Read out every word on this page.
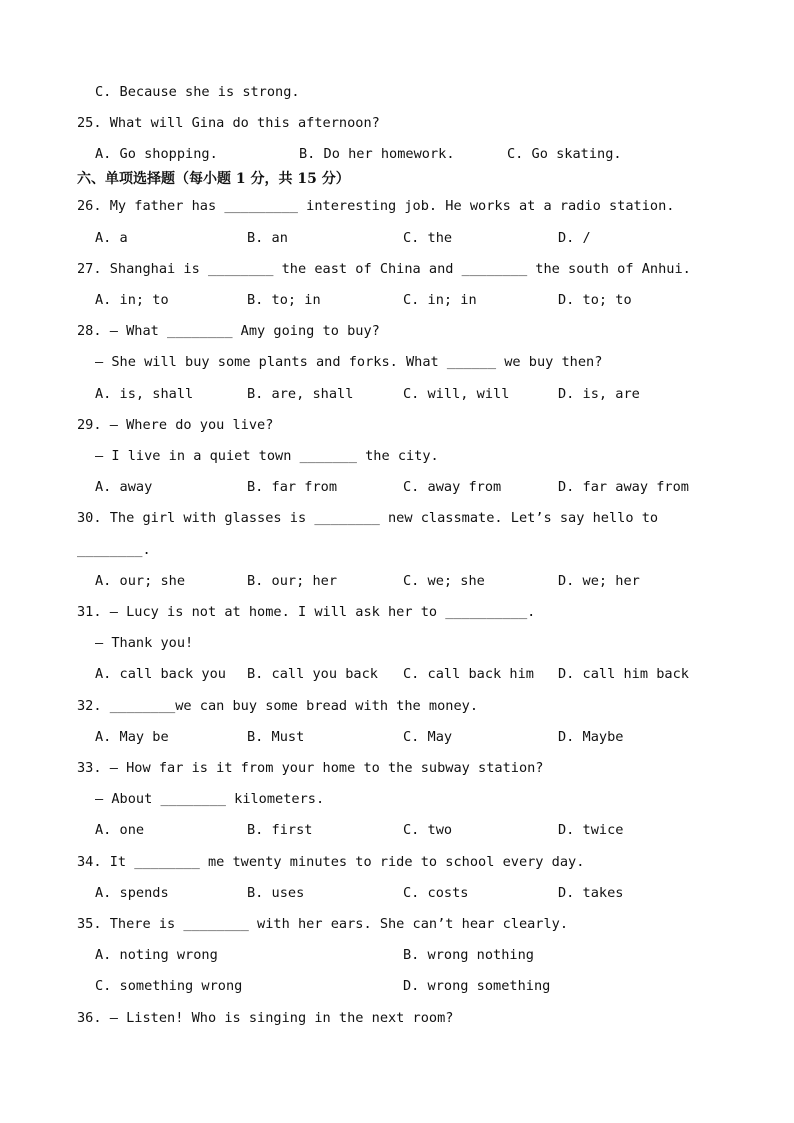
C. Because she is strong.
25. What will Gina do this afternoon?
A. Go shopping.	B. Do her homework.	C. Go skating.
六、单项选择题（每小题 1 分，共 15 分）
26. My father has _________ interesting job. He works at a radio station.
A. a	B. an	C. the	D. /
27. Shanghai is ________ the east of China and ________ the south of Anhui.
A. in; to	B. to; in	C. in; in	D. to; to
28. — What ________ Amy going to buy?
— She will buy some plants and forks. What ______ we buy then?
A. is, shall	B. are, shall	C. will, will	D. is, are
29. — Where do you live?
— I live in a quiet town _______ the city.
A. away	B. far from	C. away from	D. far away from
30. The girl with glasses is ________ new classmate. Let’s say hello to
________.
A. our; she	B. our; her	C. we; she	D. we; her
31. — Lucy is not at home. I will ask her to __________.
— Thank you!
A. call back you B. call you back C. call back him D. call him back
32. ________we can buy some bread with the money.
A. May be	B. Must	C. May	D. Maybe
33. — How far is it from your home to the subway station?
— About ________ kilometers.
A. one	B. first	C. two	D. twice
34. It ________ me twenty minutes to ride to school every day.
A. spends	B. uses	C. costs	D. takes
35. There is ________ with her ears. She can’t hear clearly.
A. noting wrong	B. wrong nothing
C. something wrong	D. wrong something
36. — Listen! Who is singing in the next room?
